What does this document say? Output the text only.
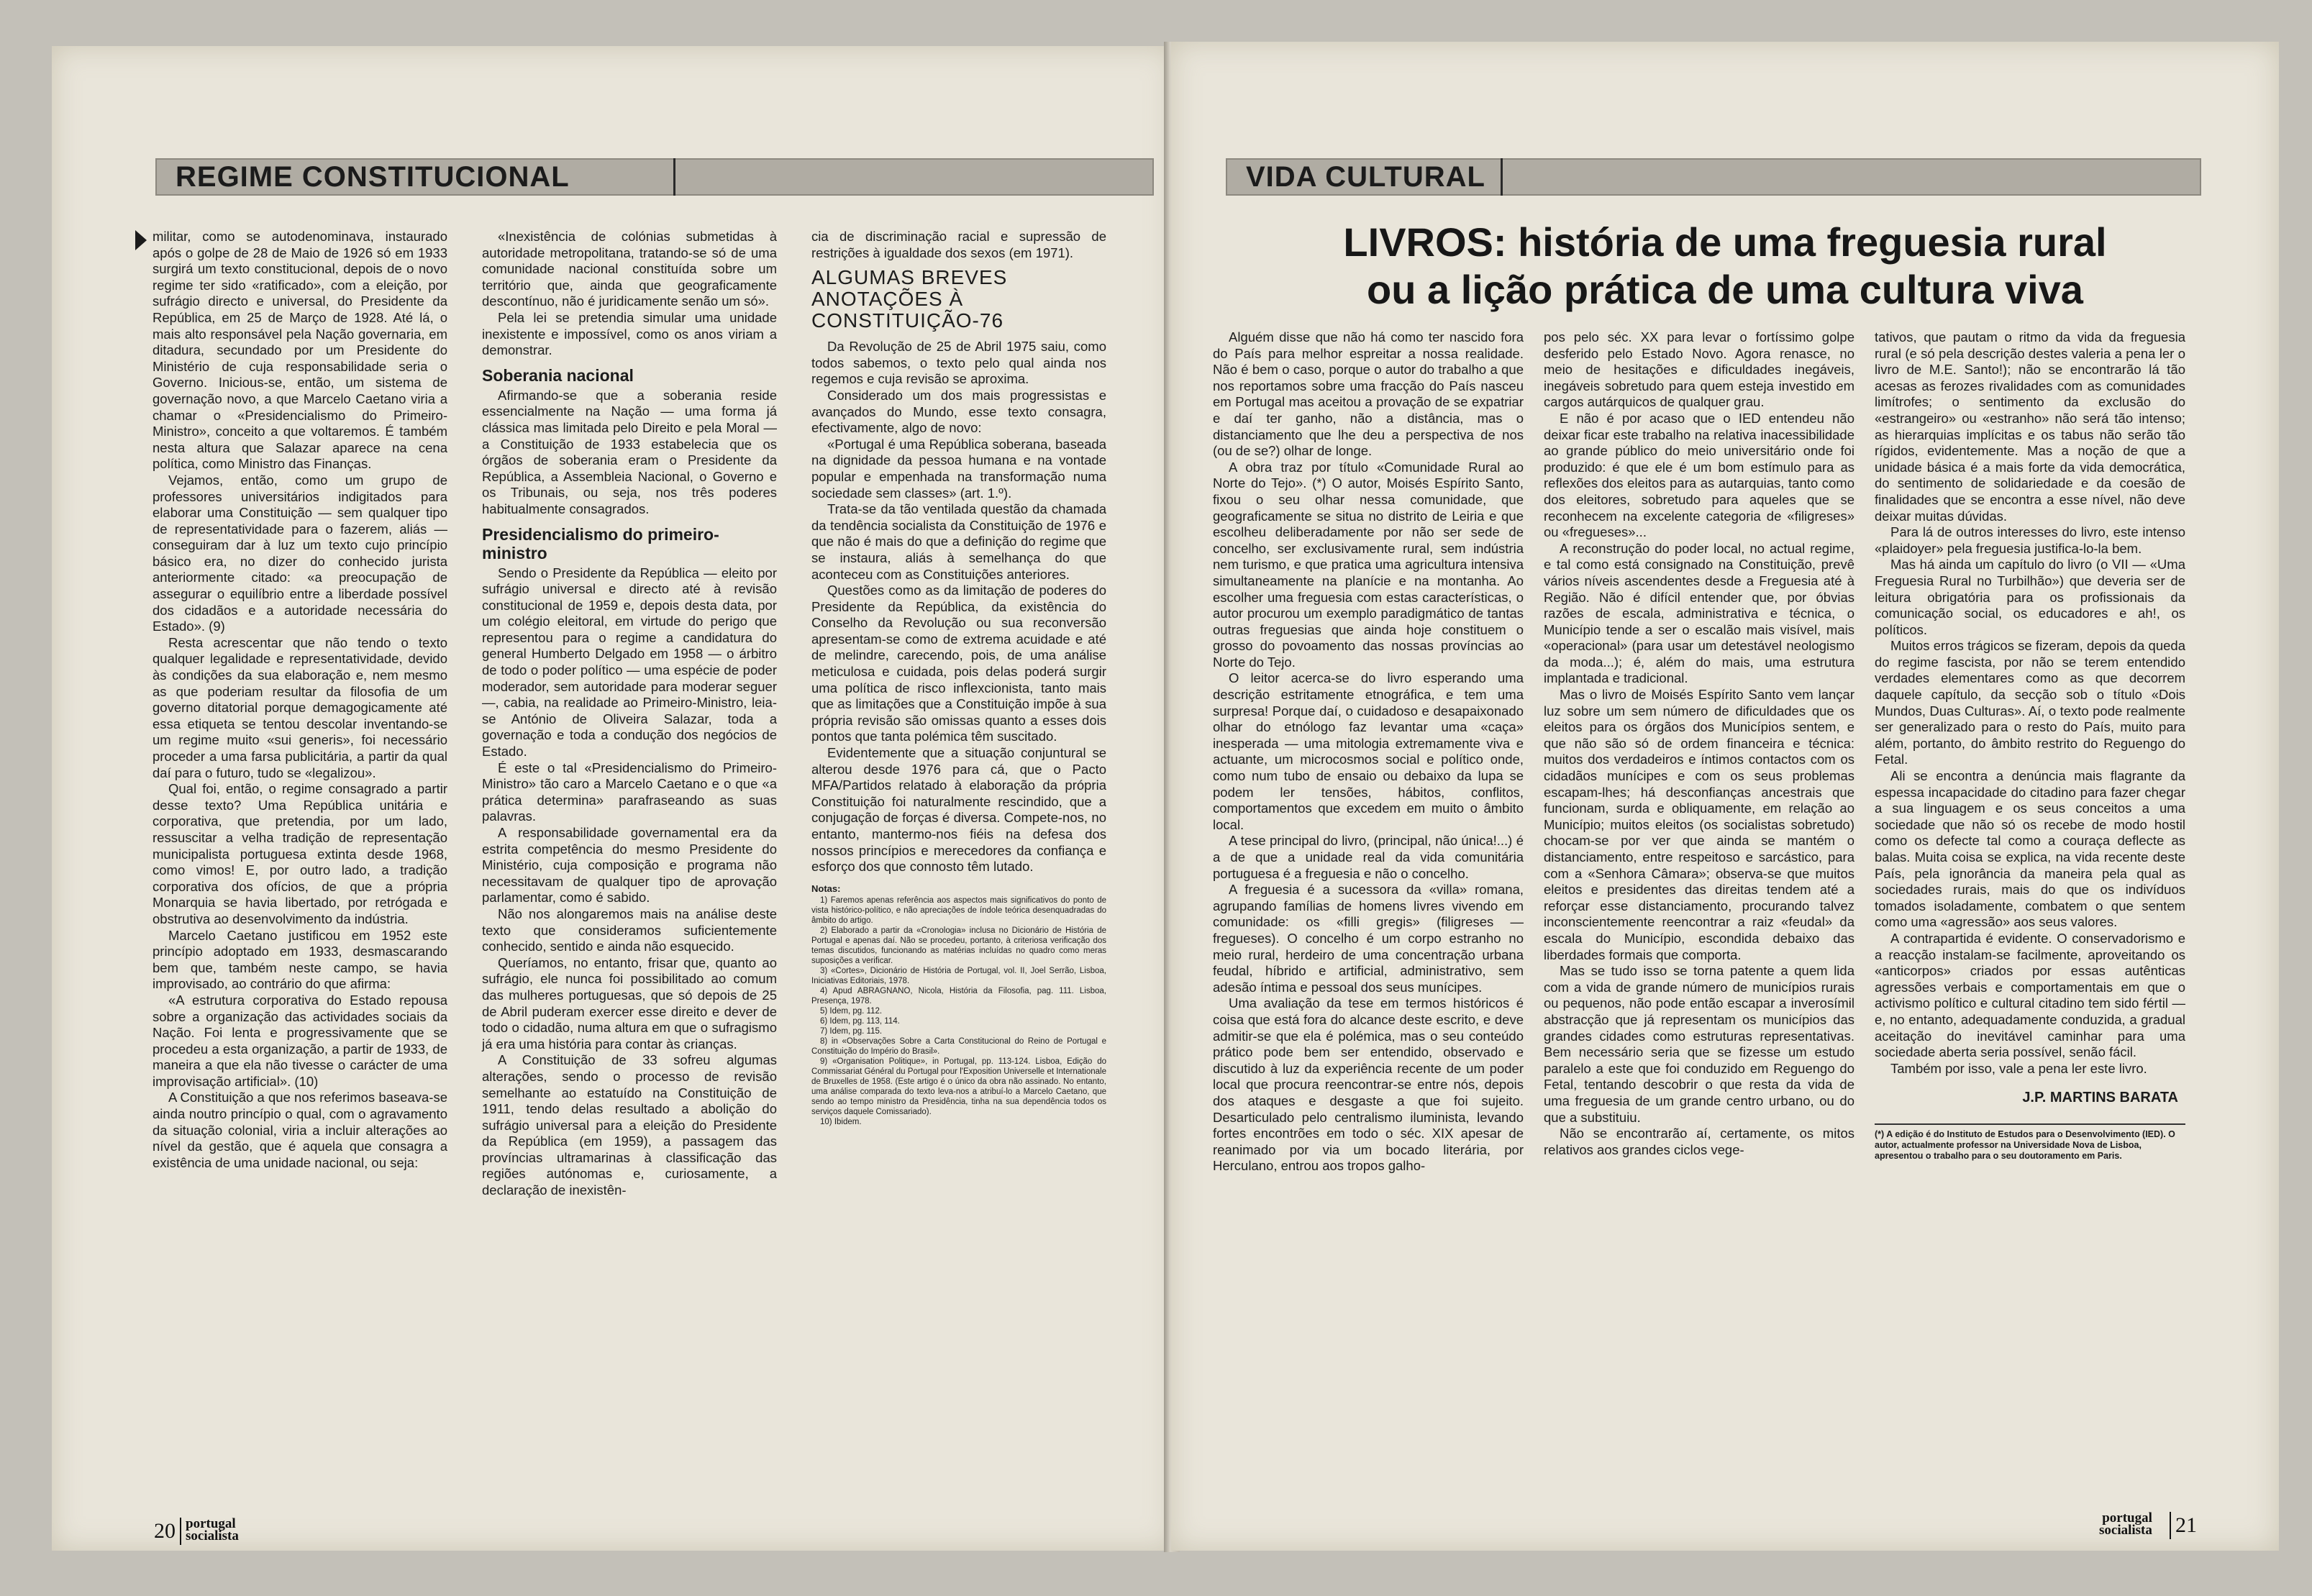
REGIME CONSTITUCIONAL

militar, como se autodenominava, instaurado após o golpe de 28 de Maio de 1926 só em 1933 surgirá um texto constitucional, depois de o novo regime ter sido «ratificado», com a eleição, por sufrágio directo e universal, do Presidente da República, em 25 de Março de 1928. Até lá, o mais alto responsável pela Nação governaria, em ditadura, secundado por um Presidente do Ministério de cuja responsabilidade seria o Governo. Inicious-se, então, um sistema de governação novo, a que Marcelo Caetano viria a chamar o «Presidencialismo do Primeiro-Ministro», conceito a que voltaremos. É também nesta altura que Salazar aparece na cena política, como Ministro das Finanças.

Vejamos, então, como um grupo de professores universitários indigitados para elaborar uma Constituição — sem qualquer tipo de representatividade para o fazerem, aliás — conseguiram dar à luz um texto cujo princípio básico era, no dizer do conhecido jurista anteriormente citado: «a preocupação de assegurar o equilíbrio entre a liberdade possível dos cidadãos e a autoridade necessária do Estado». (9)

Resta acrescentar que não tendo o texto qualquer legalidade e representatividade, devido às condições da sua elaboração e, nem mesmo as que poderiam resultar da filosofia de um governo ditatorial porque demagogicamente até essa etiqueta se tentou descolar inventando-se um regime muito «sui generis», foi necessário proceder a uma farsa publicitária, a partir da qual daí para o futuro, tudo se «legalizou».

Qual foi, então, o regime consagrado a partir desse texto? Uma República unitária e corporativa, que pretendia, por um lado, ressuscitar a velha tradição de representação municipalista portuguesa extinta desde 1968, como vimos! E, por outro lado, a tradição corporativa dos ofícios, de que a própria Monarquia se havia libertado, por retrógada e obstrutiva ao desenvolvimento da indústria.

Marcelo Caetano justificou em 1952 este princípio adoptado em 1933, desmascarando bem que, também neste campo, se havia improvisado, ao contrário do que afirma:

«A estrutura corporativa do Estado repousa sobre a organização das actividades sociais da Nação. Foi lenta e progressivamente que se procedeu a esta organização, a partir de 1933, de maneira a que ela não tivesse o carácter de uma improvisação artificial». (10)

A Constituição a que nos referimos baseava-se ainda noutro princípio o qual, com o agravamento da situação colonial, viria a incluir alterações ao nível da gestão, que é aquela que consagra a existência de uma unidade nacional, ou seja:

«Inexistência de colónias submetidas à autoridade metropolitana, tratando-se só de uma comunidade nacional constituída sobre um território que, ainda que geograficamente descontínuo, não é juridicamente senão um só».

Pela lei se pretendia simular uma unidade inexistente e impossível, como os anos viriam a demonstrar.

Soberania nacional

Afirmando-se que a soberania reside essencialmente na Nação — uma forma já clássica mas limitada pelo Direito e pela Moral — a Constituição de 1933 estabelecia que os órgãos de soberania eram o Presidente da República, a Assembleia Nacional, o Governo e os Tribunais, ou seja, nos três poderes habitualmente consagrados.

Presidencialismo do primeiro-ministro

Sendo o Presidente da República — eleito por sufrágio universal e directo até à revisão constitucional de 1959 e, depois desta data, por um colégio eleitoral, em virtude do perigo que representou para o regime a candidatura do general Humberto Delgado em 1958 — o árbitro de todo o poder político — uma espécie de poder moderador, sem autoridade para moderar seguer —, cabia, na realidade ao Primeiro-Ministro, leia-se António de Oliveira Salazar, toda a governação e toda a condução dos negócios de Estado.

É este o tal «Presidencialismo do Primeiro-Ministro» tão caro a Marcelo Caetano e o que «a prática determina» parafraseando as suas palavras.

A responsabilidade governamental era da estrita competência do mesmo Presidente do Ministério, cuja composição e programa não necessitavam de qualquer tipo de aprovação parlamentar, como é sabido.

Não nos alongaremos mais na análise deste texto que consideramos suficientemente conhecido, sentido e ainda não esquecido.

Queríamos, no entanto, frisar que, quanto ao sufrágio, ele nunca foi possibilitado ao comum das mulheres portuguesas, que só depois de 25 de Abril puderam exercer esse direito e dever de todo o cidadão, numa altura em que o sufragismo já era uma história para contar às crianças.

A Constituição de 33 sofreu algumas alterações, sendo o processo de revisão semelhante ao estatuído na Constituição de 1911, tendo delas resultado a abolição do sufrágio universal para a eleição do Presidente da República (em 1959), a passagem das províncias ultramarinas à classificação das regiões autónomas e, curiosamente, a declaração de inexistên-

cia de discriminação racial e supressão de restrições à igualdade dos sexos (em 1971).

ALGUMAS BREVES ANOTAÇÕES À CONSTITUIÇÃO-76

Da Revolução de 25 de Abril 1975 saiu, como todos sabemos, o texto pelo qual ainda nos regemos e cuja revisão se aproxima.

Considerado um dos mais progressistas e avançados do Mundo, esse texto consagra, efectivamente, algo de novo:

«Portugal é uma República soberana, baseada na dignidade da pessoa humana e na vontade popular e empenhada na transformação numa sociedade sem classes» (art. 1.º).

Trata-se da tão ventilada questão da chamada da tendência socialista da Constituição de 1976 e que não é mais do que a definição do regime que se instaura, aliás à semelhança do que aconteceu com as Constituições anteriores.

Questões como as da limitação de poderes do Presidente da República, da existência do Conselho da Revolução ou sua reconversão apresentam-se como de extrema acuidade e até de melindre, carecendo, pois, de uma análise meticulosa e cuidada, pois delas poderá surgir uma política de risco inflexcionista, tanto mais que as limitações que a Constituição impõe à sua própria revisão são omissas quanto a esses dois pontos que tanta polémica têm suscitado.

Evidentemente que a situação conjuntural se alterou desde 1976 para cá, que o Pacto MFA/Partidos relatado à elaboração da própria Constituição foi naturalmente rescindido, que a conjugação de forças é diversa. Compete-nos, no entanto, mantermo-nos fiéis na defesa dos nossos princípios e merecedores da confiança e esforço dos que connosto têm lutado.

Notas:

1) Faremos apenas referência aos aspectos mais significativos do ponto de vista histórico-político, e não apreciações de índole teórica desenquadradas do âmbito do artigo.

2) Elaborado a partir da «Cronologia» inclusa no Dicionário de História de Portugal e apenas daí. Não se procedeu, portanto, à criteriosa verificação dos temas discutidos, funcionando as matérias incluídas no quadro como meras suposições a verificar.

3) «Cortes», Dicionário de História de Portugal, vol. II, Joel Serrão, Lisboa, Iniciativas Editoriais, 1978.

4) Apud ABRAGNANO, Nicola, História da Filosofia, pag. 111. Lisboa, Presença, 1978.

5) Idem, pg. 112.

6) Idem, pg. 113, 114.

7) Idem, pg. 115.

8) in «Observações Sobre a Carta Constitucional do Reino de Portugal e Constituição do Império do Brasil».

9) «Organisation Politique», in Portugal, pp. 113-124. Lisboa, Edição do Commissariat Général du Portugal pour l'Exposition Universelle et Internationale de Bruxelles de 1958. (Este artigo é o único da obra não assinado. No entanto, uma análise comparada do texto leva-nos a atribuí-lo a Marcelo Caetano, que sendo ao tempo ministro da Presidência, tinha na sua dependência todos os serviços daquele Comissariado).

10) Ibidem.

20 portugal
socialista
VIDA CULTURAL
LIVROS: história de uma freguesia rural
ou a lição prática de uma cultura viva

Alguém disse que não há como ter nascido fora do País para melhor espreitar a nossa realidade. Não é bem o caso, porque o autor do trabalho a que nos reportamos sobre uma fracção do País nasceu em Portugal mas aceitou a provação de se expatriar e daí ter ganho, não a distância, mas o distanciamento que lhe deu a perspectiva de nos (ou de se?) olhar de longe.

A obra traz por título «Comunidade Rural ao Norte do Tejo». (*) O autor, Moisés Espírito Santo, fixou o seu olhar nessa comunidade, que geograficamente se situa no distrito de Leiria e que escolheu deliberadamente por não ser sede de concelho, ser exclusivamente rural, sem indústria nem turismo, e que pratica uma agricultura intensiva simultaneamente na planície e na montanha. Ao escolher uma freguesia com estas características, o autor procurou um exemplo paradigmático de tantas outras freguesias que ainda hoje constituem o grosso do povoamento das nossas províncias ao Norte do Tejo.

O leitor acerca-se do livro esperando uma descrição estritamente etnográfica, e tem uma surpresa! Porque daí, o cuidadoso e desapaixonado olhar do etnólogo faz levantar uma «caça» inesperada — uma mitologia extremamente viva e actuante, um microcosmos social e político onde, como num tubo de ensaio ou debaixo da lupa se podem ler tensões, hábitos, conflitos, comportamentos que excedem em muito o âmbito local.

A tese principal do livro, (principal, não única!...) é a de que a unidade real da vida comunitária portuguesa é a freguesia e não o concelho.

A freguesia é a sucessora da «villa» romana, agrupando famílias de homens livres vivendo em comunidade: os «filli gregis» (filigreses — fregueses). O concelho é um corpo estranho no meio rural, herdeiro de uma concentração urbana feudal, híbrido e artificial, administrativo, sem adesão íntima e pessoal dos seus munícipes.

Uma avaliação da tese em termos históricos é coisa que está fora do alcance deste escrito, e deve admitir-se que ela é polémica, mas o seu conteúdo prático pode bem ser entendido, observado e discutido à luz da experiência recente de um poder local que procura reencontrar-se entre nós, depois dos ataques e desgaste a que foi sujeito. Desarticulado pelo centralismo iluminista, levando fortes encontrões em todo o séc. XIX apesar de reanimado por via um bocado literária, por Herculano, entrou aos tropos galho-

pos pelo séc. XX para levar o fortíssimo golpe desferido pelo Estado Novo. Agora renasce, no meio de hesitações e dificuldades inegáveis, inegáveis sobretudo para quem esteja investido em cargos autárquicos de qualquer grau.

E não é por acaso que o IED entendeu não deixar ficar este trabalho na relativa inacessibilidade ao grande público do meio universitário onde foi produzido: é que ele é um bom estímulo para as reflexões dos eleitos para as autarquias, tanto como dos eleitores, sobretudo para aqueles que se reconhecem na excelente categoria de «filigreses» ou «fregueses»...

A reconstrução do poder local, no actual regime, e tal como está consignado na Constituição, prevê vários níveis ascendentes desde a Freguesia até à Região. Não é difícil entender que, por óbvias razões de escala, administrativa e técnica, o Município tende a ser o escalão mais visível, mais «operacional» (para usar um detestável neologismo da moda...); é, além do mais, uma estrutura implantada e tradicional.

Mas o livro de Moisés Espírito Santo vem lançar luz sobre um sem número de dificuldades que os eleitos para os órgãos dos Municípios sentem, e que não são só de ordem financeira e técnica: muitos dos verdadeiros e íntimos contactos com os cidadãos munícipes e com os seus problemas escapam-lhes; há desconfianças ancestrais que funcionam, surda e obliquamente, em relação ao Município; muitos eleitos (os socialistas sobretudo) chocam-se por ver que ainda se mantém o distanciamento, entre respeitoso e sarcástico, para com a «Senhora Câmara»; observa-se que muitos eleitos e presidentes das direitas tendem até a reforçar esse distanciamento, procurando talvez inconscientemente reencontrar a raiz «feudal» da escala do Município, escondida debaixo das liberdades formais que comporta.

Mas se tudo isso se torna patente a quem lida com a vida de grande número de municípios rurais ou pequenos, não pode então escapar a inverosímil abstracção que já representam os municípios das grandes cidades como estruturas representativas. Bem necessário seria que se fizesse um estudo paralelo a este que foi conduzido em Reguengo do Fetal, tentando descobrir o que resta da vida de uma freguesia de um grande centro urbano, ou do que a substituiu.

Não se encontrarão aí, certamente, os mitos relativos aos grandes ciclos vege-

tativos, que pautam o ritmo da vida da freguesia rural (e só pela descrição destes valeria a pena ler o livro de M.E. Santo!); não se encontrarão lá tão acesas as ferozes rivalidades com as comunidades limítrofes; o sentimento da exclusão do «estrangeiro» ou «estranho» não será tão intenso; as hierarquias implícitas e os tabus não serão tão rígidos, evidentemente. Mas a noção de que a unidade básica é a mais forte da vida democrática, do sentimento de solidariedade e da coesão de finalidades que se encontra a esse nível, não deve deixar muitas dúvidas.

Para lá de outros interesses do livro, este intenso «plaidoyer» pela freguesia justifica-lo-la bem.

Mas há ainda um capítulo do livro (o VII — «Uma Freguesia Rural no Turbilhão») que deveria ser de leitura obrigatória para os profissionais da comunicação social, os educadores e ah!, os políticos.

Muitos erros trágicos se fizeram, depois da queda do regime fascista, por não se terem entendido verdades elementares como as que decorrem daquele capítulo, da secção sob o título «Dois Mundos, Duas Culturas». Aí, o texto pode realmente ser generalizado para o resto do País, muito para além, portanto, do âmbito restrito do Reguengo do Fetal.

Ali se encontra a denúncia mais flagrante da espessa incapacidade do citadino para fazer chegar a sua linguagem e os seus conceitos a uma sociedade que não só os recebe de modo hostil como os defecte tal como a couraça deflecte as balas. Muita coisa se explica, na vida recente deste País, pela ignorância da maneira pela qual as sociedades rurais, mais do que os indivíduos tomados isoladamente, combatem o que sentem como uma «agressão» aos seus valores.

A contrapartida é evidente. O conservadorismo e a reacção instalam-se facilmente, aproveitando os «anticorpos» criados por essas autênticas agressões verbais e comportamentais em que o activismo político e cultural citadino tem sido fértil — e, no entanto, adequadamente conduzida, a gradual aceitação do inevitável caminhar para uma sociedade aberta seria possível, senão fácil.

Também por isso, vale a pena ler este livro.

J.P. MARTINS BARATA
(*) A edição é do Instituto de Estudos para o Desenvolvimento (IED). O autor, actualmente professor na Universidade Nova de Lisboa, apresentou o trabalho para o seu doutoramento em Paris.
portugal
socialista 21
